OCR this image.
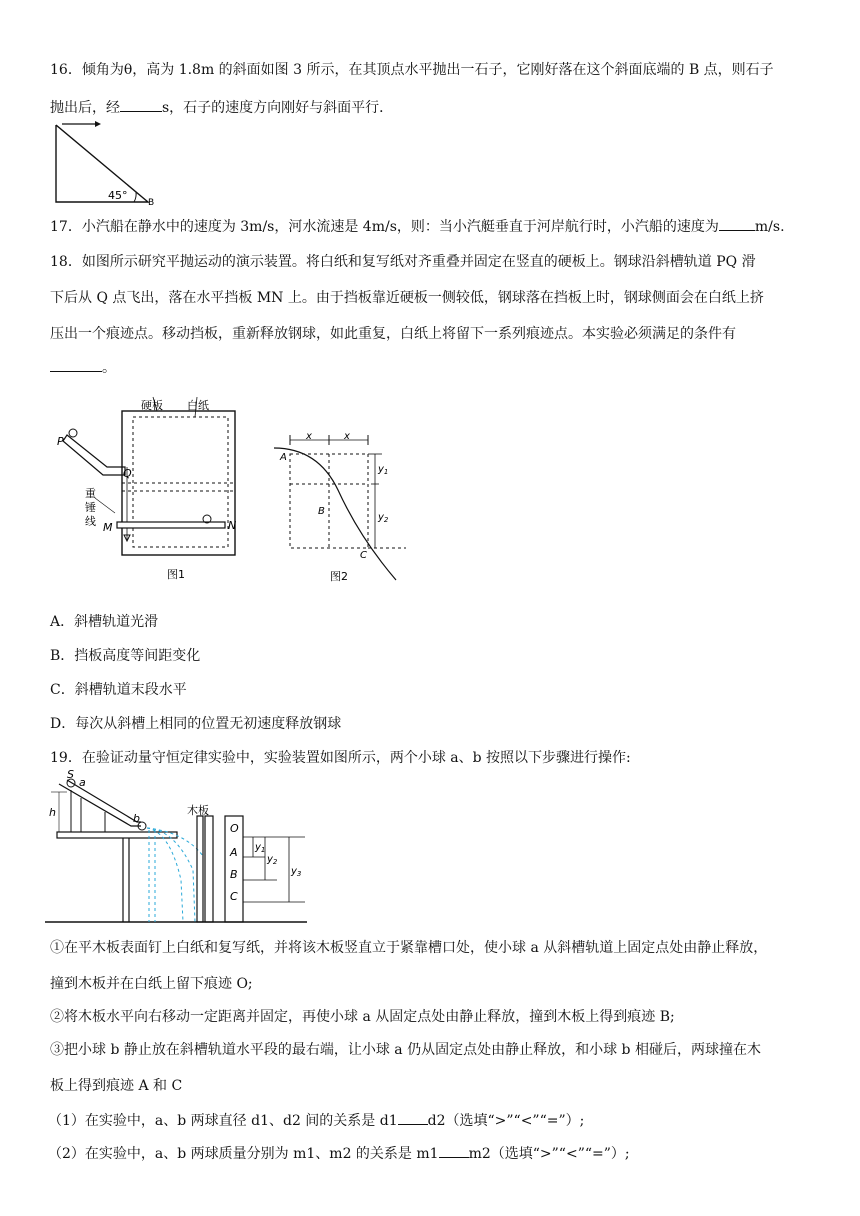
16．倾角为θ，高为 1.8m 的斜面如图 3 所示，在其顶点水平抛出一石子，它刚好落在这个斜面底端的 B 点，则石子
抛出后，经	s，石子的速度方向刚好与斜面平行．
45°
B
17．小汽船在静水中的速度为 3m/s，河水流速是 4m/s，则：当小汽艇垂直于河岸航行时，小汽船的速度为	m/s.
18．如图所示研究平抛运动的演示装置。将白纸和复写纸对齐重叠并固定在竖直的硬板上。钢球沿斜槽轨道 PQ 滑
下后从 Q 点飞出，落在水平挡板 MN 上。由于挡板靠近硬板一侧较低，钢球落在挡板上时，钢球侧面会在白纸上挤
压出一个痕迹点。移动挡板，重新释放钢球，如此重复，白纸上将留下一系列痕迹点。本实验必须满足的条件有
。
硬板 白纸
P
Q
重
锤
线 M	N
图1
x	x
A
B
C
$y_1$
$y_2$
图2
A．斜槽轨道光滑
B．挡板高度等间距变化
C．斜槽轨道末段水平
D．每次从斜槽上相同的位置无初速度释放钢球
19．在验证动量守恒定律实验中，实验装置如图所示，两个小球 a、b 按照以下步骤进行操作:
S
a
b
h	木板
O
A
B
C
$y_1$
$y_2$
$y_3$
①在平木板表面钉上白纸和复写纸，并将该木板竖直立于紧靠槽口处，使小球 a 从斜槽轨道上固定点处由静止释放，
撞到木板并在白纸上留下痕迹 O;
②将木板水平向右移动一定距离并固定，再使小球 a 从固定点处由静止释放，撞到木板上得到痕迹 B;
③把小球 b 静止放在斜槽轨道水平段的最右端，让小球 a 仍从固定点处由静止释放，和小球 b 相碰后，两球撞在木
板上得到痕迹 A 和 C
（1）在实验中，a、b 两球直径 d1、d2 间的关系是 d1 d2（选填“>”“<”“=”）;
（2）在实验中，a、b 两球质量分别为 m1、m2 的关系是 m1 m2（选填“>”“<”“=”）;
